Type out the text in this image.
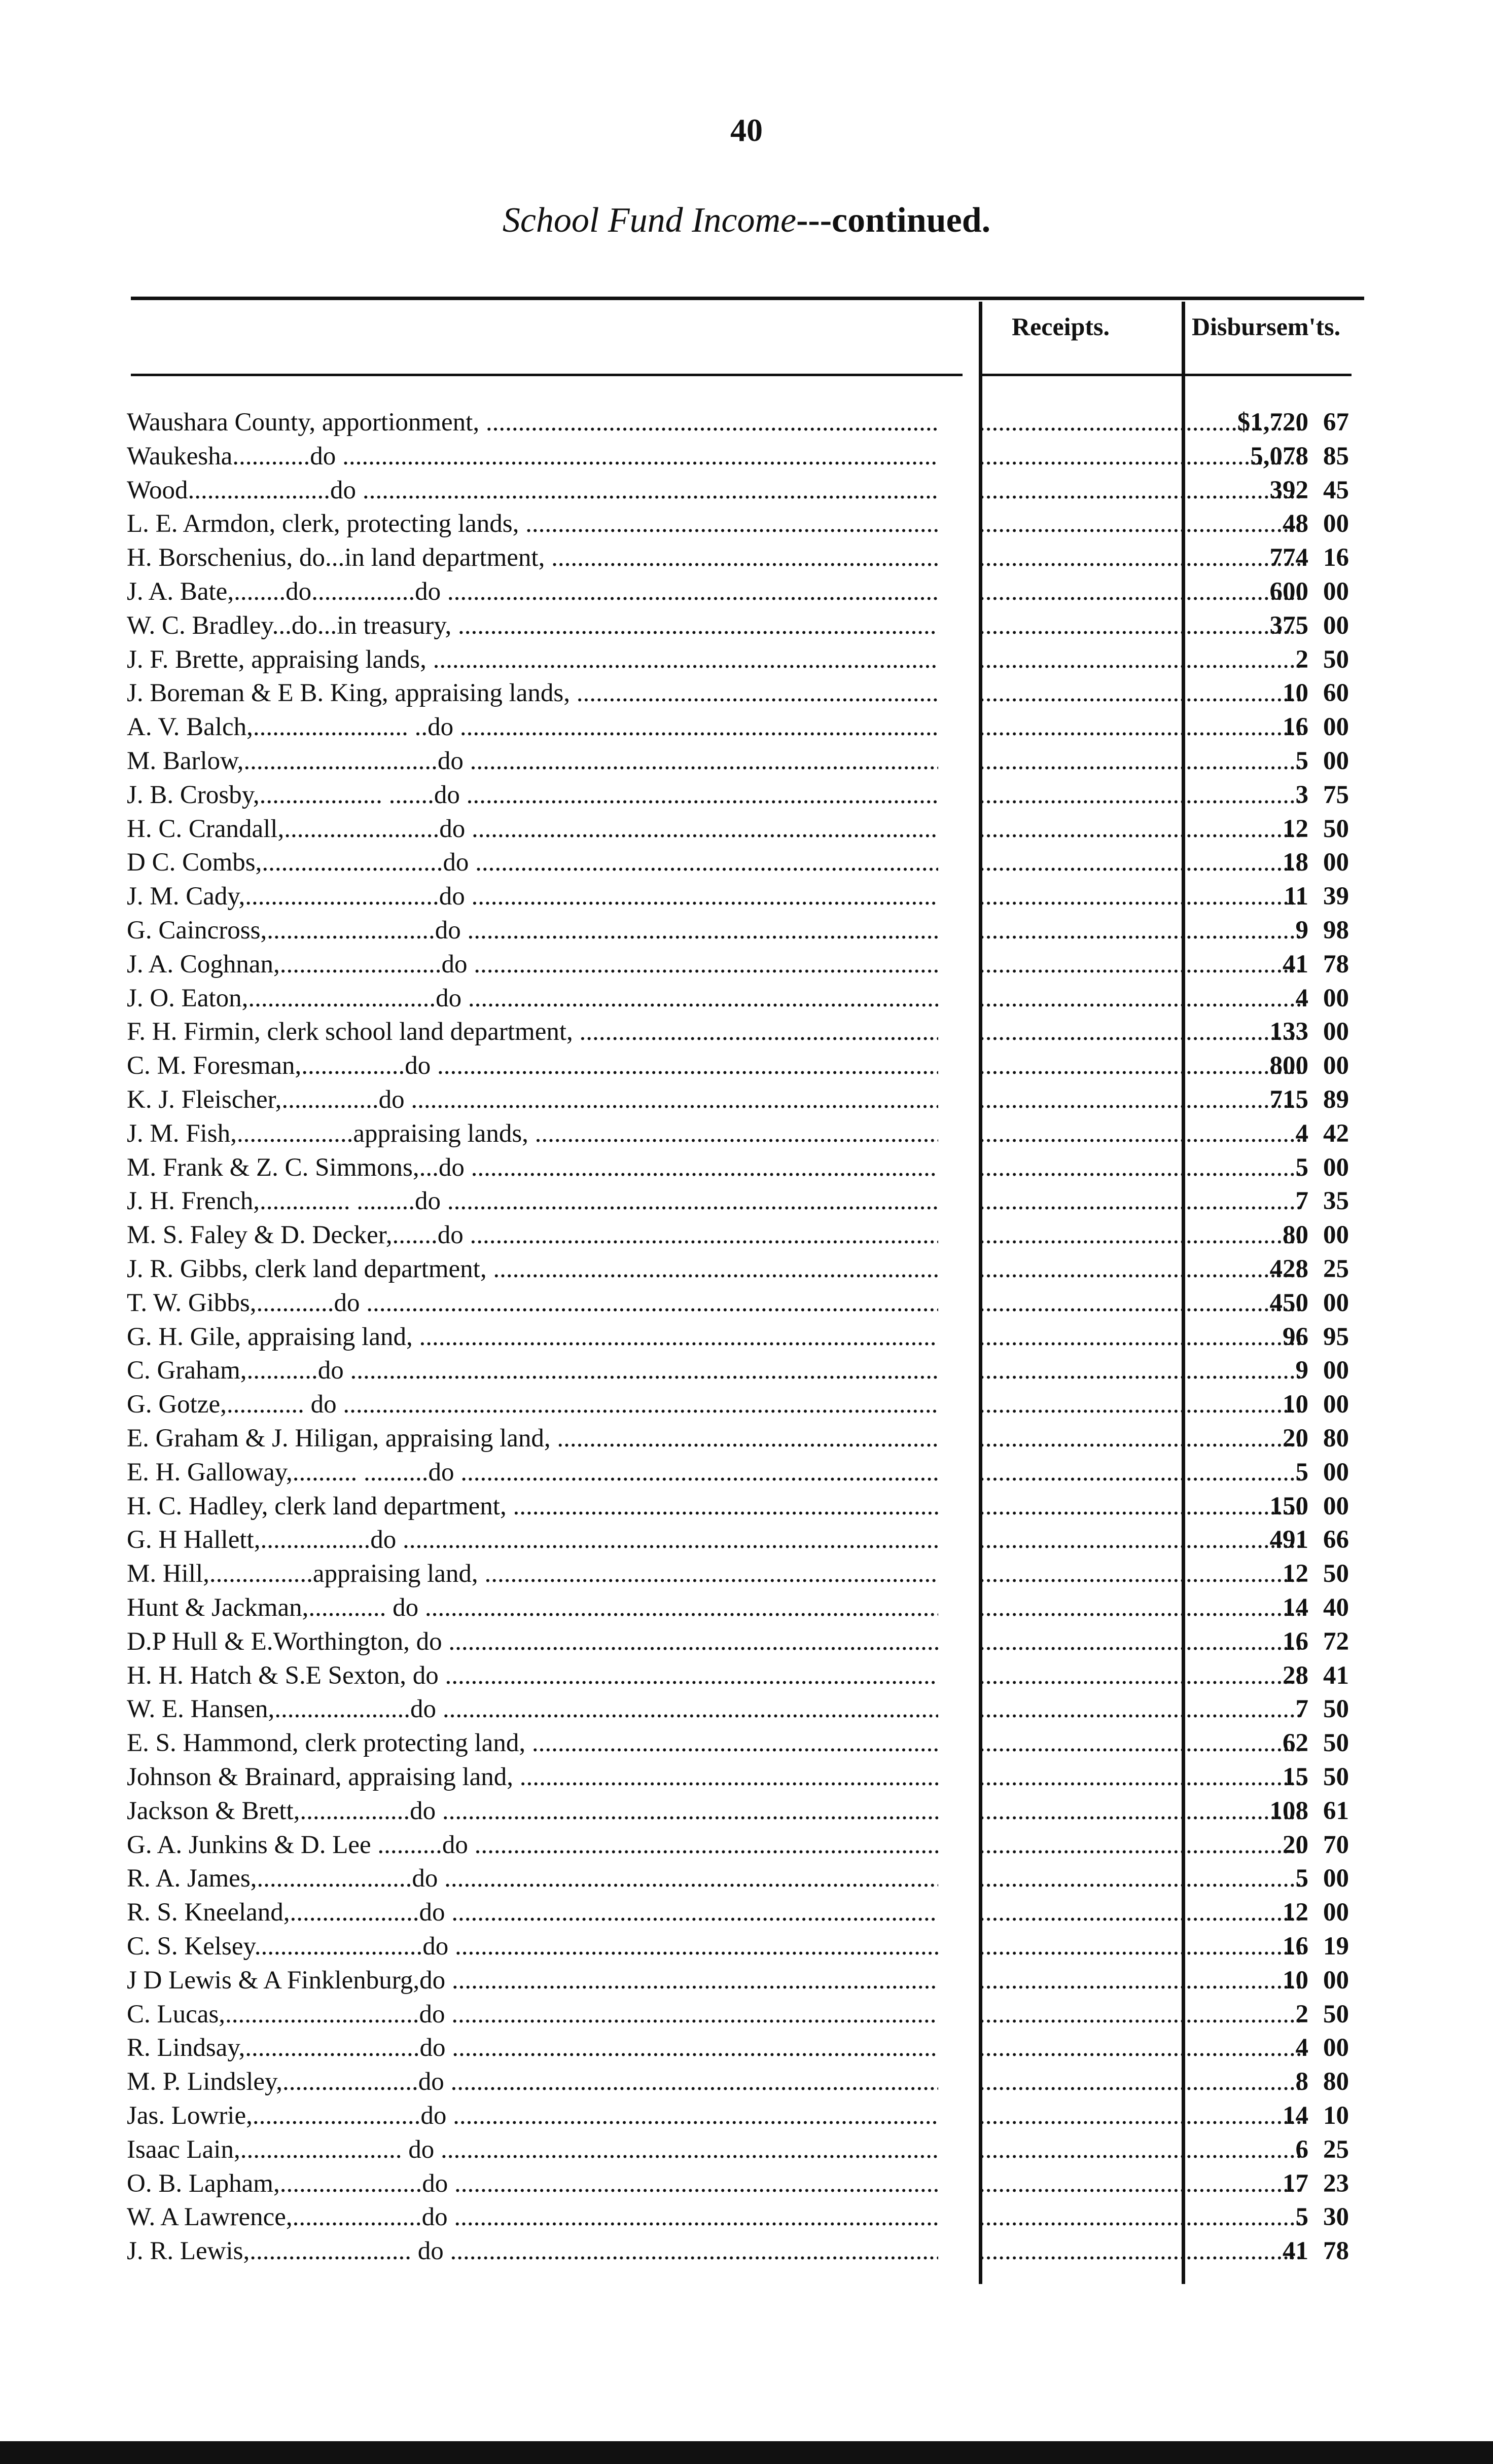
40
School Fund Income---continued.
Receipts.	Disbursem'ts.
Waushara County, apportionment, ..... .....	$1,720 67
Waukesha............do ..... .....	5,078 85
Wood......................do ..... .....	392 45
L. E. Armdon, clerk, protecting lands, ..... .....	48 00
H. Borschenius, do...in land department, ..... .....	774 16
J. A. Bate,........do................do ..... .....	600 00
W. C. Bradley...do...in treasury, ..... .....	375 00
J. F. Brette, appraising lands, ..... .....	2 50
J. Boreman & E B. King, appraising lands, ..... .....	10 60
A. V. Balch,........................ ..do ..... .....	16 00
M. Barlow,..............................do ..... .....	5 00
J. B. Crosby,................... .......do ..... .....	3 75
H. C. Crandall,........................do ..... .....	12 50
D C. Combs,............................do ..... .....	18 00
J. M. Cady,..............................do ..... .....	11 39
G. Caincross,..........................do ..... .....	9 98
J. A. Coghnan,.........................do ..... .....	41 78
J. O. Eaton,.............................do ..... .....	4 00
F. H. Firmin, clerk school land department, ..... .....	133 00
C. M. Foresman,................do ..... .....	800 00
K. J. Fleischer,...............do ..... .....	715 89
J. M. Fish,..................appraising lands, ..... .....	4 42
M. Frank & Z. C. Simmons,...do ..... .....	5 00
J. H. French,.............. .........do ..... .....	7 35
M. S. Faley & D. Decker,.......do ..... .....	80 00
J. R. Gibbs, clerk land department, ..... .....	428 25
T. W. Gibbs,............do ..... .....	450 00
G. H. Gile, appraising land, ..... .....	96 95
C. Graham,...........do ..... .....	9 00
G. Gotze,............ do ..... .....	10 00
E. Graham & J. Hiligan, appraising land, ..... .....	20 80
E. H. Galloway,.......... ..........do ..... .....	5 00
H. C. Hadley, clerk land department, ..... .....	150 00
G. H Hallett,.................do ..... .....	491 66
M. Hill,................appraising land, ..... .....	12 50
Hunt & Jackman,............ do ..... .....	14 40
D.P Hull & E.Worthington, do ..... .....	16 72
H. H. Hatch & S.E Sexton, do ..... .....	28 41
W. E. Hansen,.....................do ..... .....	7 50
E. S. Hammond, clerk protecting land, ..... .....	62 50
Johnson & Brainard, appraising land, ..... .....	15 50
Jackson & Brett,.................do ..... .....	108 61
G. A. Junkins & D. Lee ..........do ..... .....	20 70
R. A. James,........................do ..... .....	5 00
R. S. Kneeland,....................do ..... .....	12 00
C. S. Kelsey..........................do ..... .....	16 19
J D Lewis & A Finklenburg,do ..... .....	10 00
C. Lucas,..............................do ..... .....	2 50
R. Lindsay,...........................do ..... .....	4 00
M. P. Lindsley,.....................do ..... .....	8 80
Jas. Lowrie,..........................do ..... .....	14 10
Isaac Lain,......................... do ..... .....	6 25
O. B. Lapham,......................do ..... .....	17 23
W. A Lawrence,....................do ..... .....	5 30
J. R. Lewis,......................... do ..... .....	41 78
